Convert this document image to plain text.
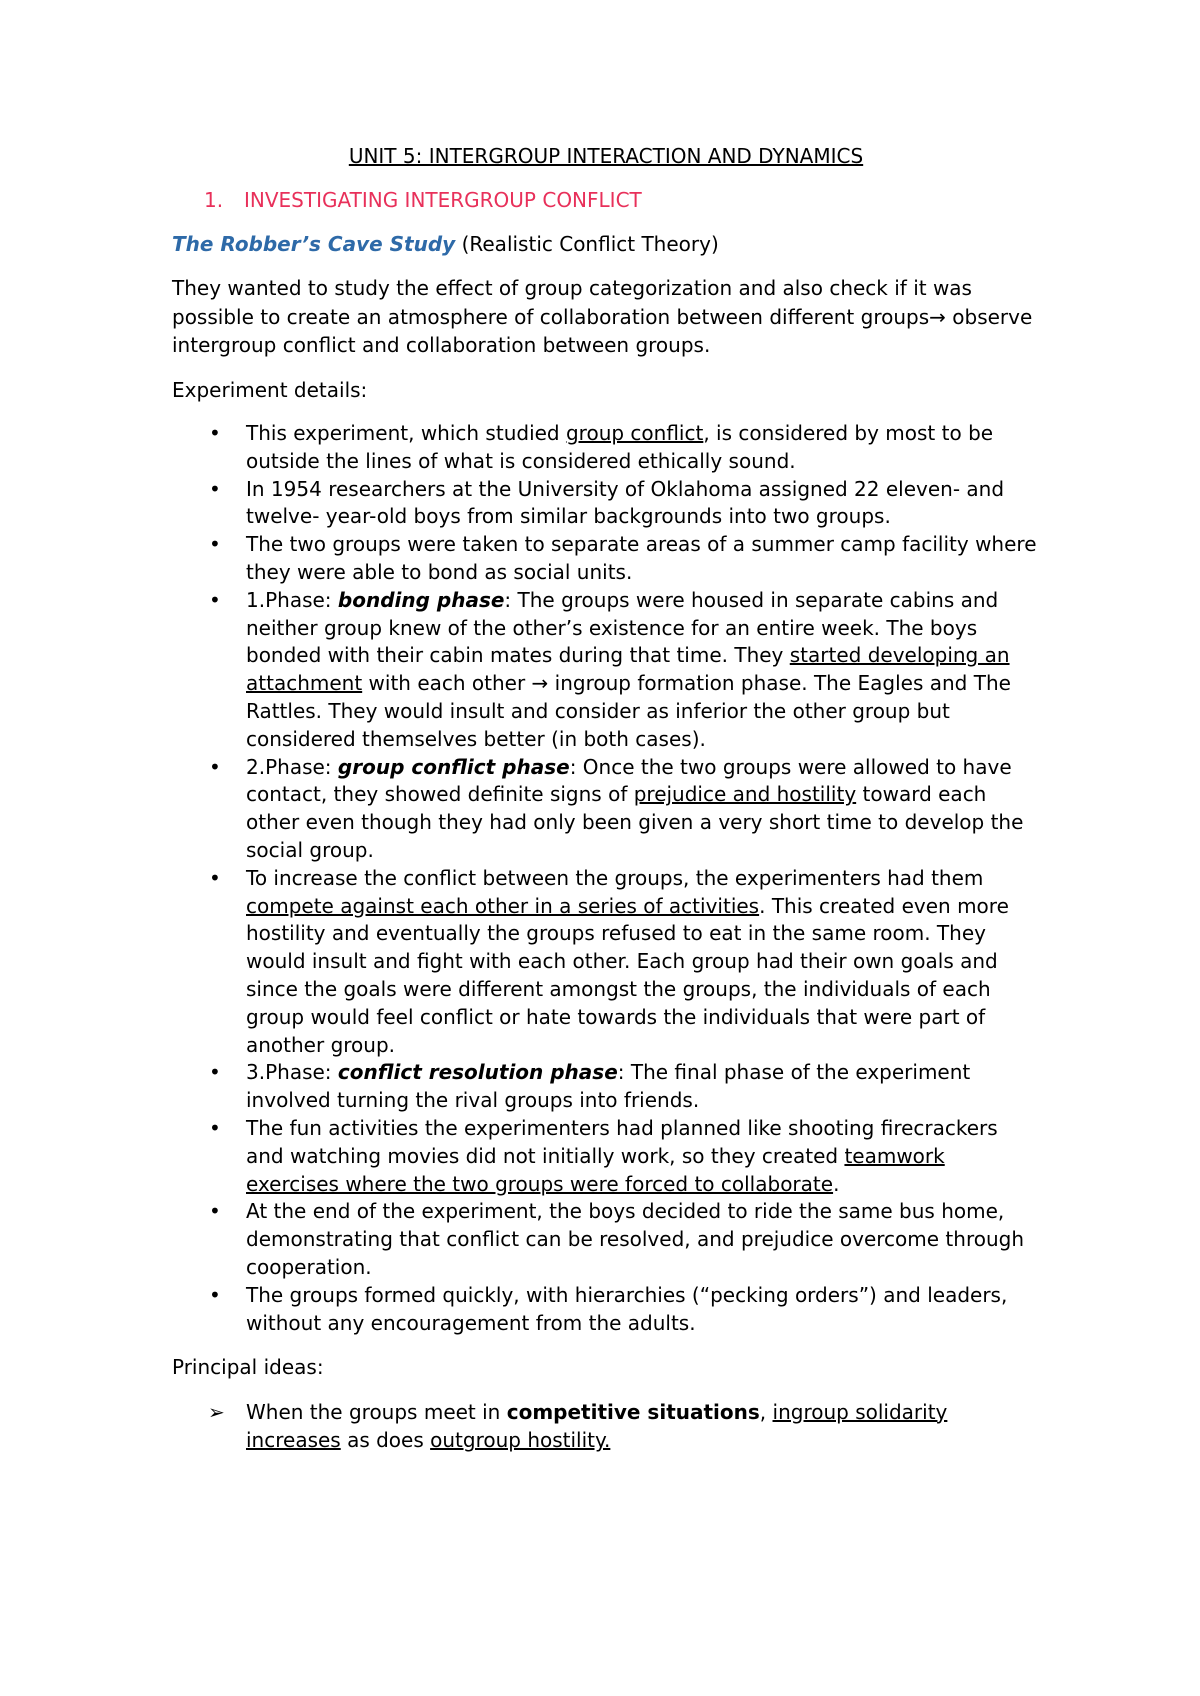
UNIT 5: INTERGROUP INTERACTION AND DYNAMICS
1. INVESTIGATING INTERGROUP CONFLICT
The Robber’s Cave Study (Realistic Conflict Theory)

They wanted to study the effect of group categorization and also check if it was possible to create an atmosphere of collaboration between different groups→ observe intergroup conflict and collaboration between groups.

Experiment details:

• This experiment, which studied group conflict, is considered by most to be outside the lines of what is considered ethically sound.
• In 1954 researchers at the University of Oklahoma assigned 22 eleven- and twelve- year-old boys from similar backgrounds into two groups.
• The two groups were taken to separate areas of a summer camp facility where they were able to bond as social units.
• 1.Phase: bonding phase: The groups were housed in separate cabins and neither group knew of the other’s existence for an entire week. The boys bonded with their cabin mates during that time. They started developing an attachment with each other → ingroup formation phase. The Eagles and The Rattles. They would insult and consider as inferior the other group but considered themselves better (in both cases).
• 2.Phase: group conflict phase: Once the two groups were allowed to have contact, they showed definite signs of prejudice and hostility toward each other even though they had only been given a very short time to develop the social group.
• To increase the conflict between the groups, the experimenters had them compete against each other in a series of activities. This created even more hostility and eventually the groups refused to eat in the same room. They would insult and fight with each other. Each group had their own goals and since the goals were different amongst the groups, the individuals of each group would feel conflict or hate towards the individuals that were part of another group.
• 3.Phase: conflict resolution phase: The final phase of the experiment involved turning the rival groups into friends.
• The fun activities the experimenters had planned like shooting firecrackers and watching movies did not initially work, so they created teamwork exercises where the two groups were forced to collaborate.
• At the end of the experiment, the boys decided to ride the same bus home, demonstrating that conflict can be resolved, and prejudice overcome through cooperation.
• The groups formed quickly, with hierarchies (“pecking orders”) and leaders, without any encouragement from the adults.

Principal ideas:

➢ When the groups meet in competitive situations, ingroup solidarity increases as does outgroup hostility.
